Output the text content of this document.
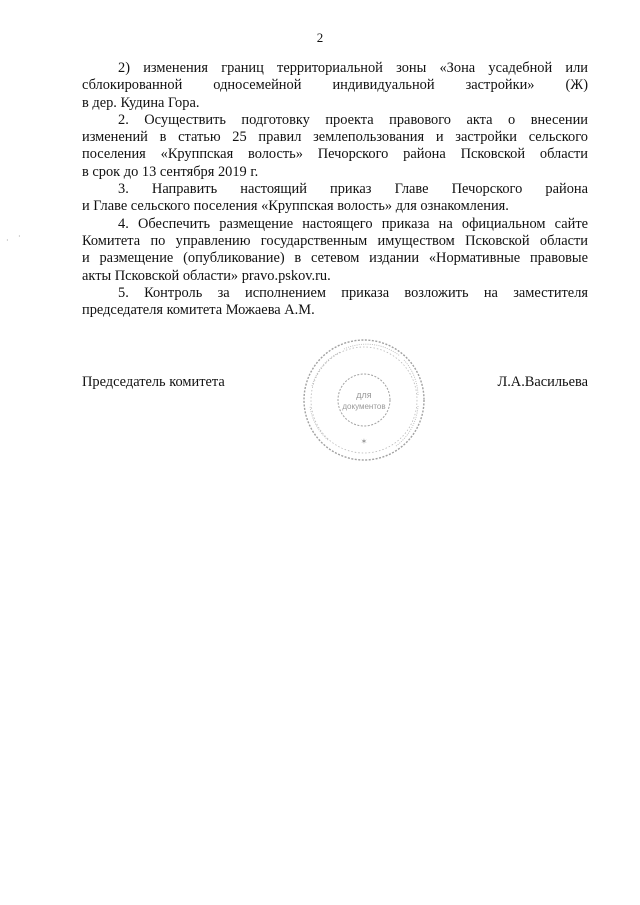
2

2) изменения границ территориальной зоны «Зона усадебной или
сблокированной односемейной индивидуальной застройки» (Ж)
в дер. Кудина Гора.

2. Осуществить подготовку проекта правового акта о внесении
изменений в статью 25 правил землепользования и застройки сельского
поселения «Круппская волость» Печорского района Псковской области
в срок до 13 сентября 2019 г.

3. Направить настоящий приказ Главе Печорского района
и Главе сельского поселения «Круппская волость» для ознакомления.

4. Обеспечить размещение настоящего приказа на официальном сайте
Комитета по управлению государственным имуществом Псковской области
и размещение (опубликование) в сетевом издании «Нормативные правовые
акты Псковской области» pravo.pskov.ru.

5. Контроль за исполнением приказа возложить на заместителя
председателя комитета Можаева А.М.

для
документов
✶
Председатель комитета	Л.А.Васильева
· ·
